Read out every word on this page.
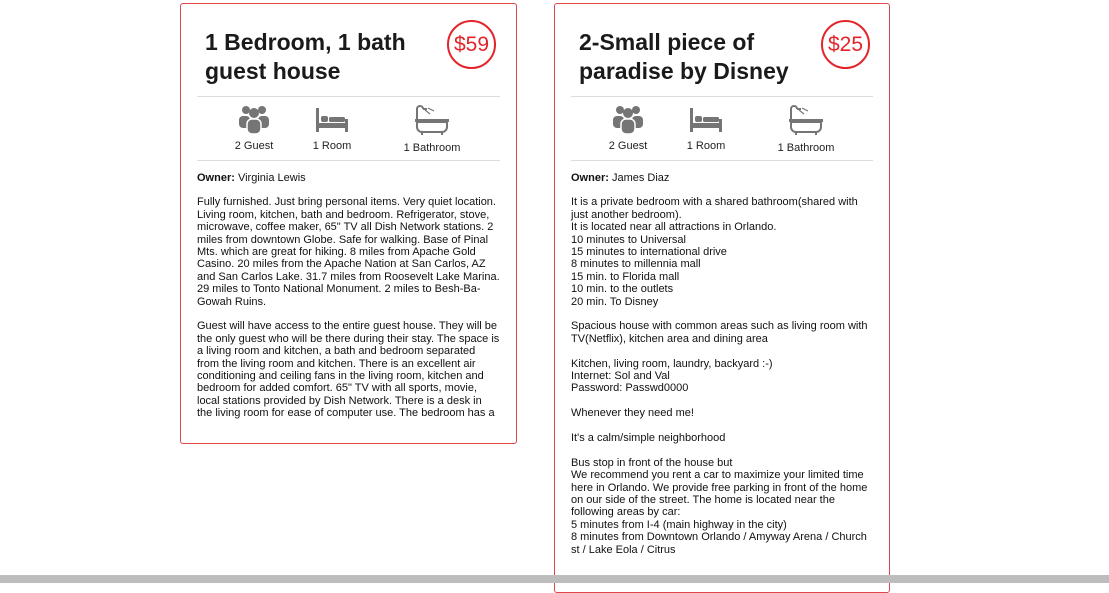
1 Bedroom, 1 bath guest house
$59
2 Guest	1 Room	1 Bathroom

Owner: Virginia Lewis

Fully furnished. Just bring personal items. Very quiet location. Living room, kitchen, bath and bedroom. Refrigerator, stove, microwave, coffee maker, 65" TV all Dish Network stations. 2 miles from downtown Globe. Safe for walking. Base of Pinal Mts. which are great for hiking. 8 miles from Apache Gold Casino. 20 miles from the Apache Nation at San Carlos, AZ and San Carlos Lake. 31.7 miles from Roosevelt Lake Marina. 29 miles to Tonto National Monument. 2 miles to Besh-Ba-Gowah Ruins.

Guest will have access to the entire guest house. They will be the only guest who will be there during their stay. The space is a living room and kitchen, a bath and bedroom separated from the living room and kitchen. There is an excellent air conditioning and ceiling fans in the living room, kitchen and bedroom for added comfort. 65" TV with all sports, movie, local stations provided by Dish Network. There is a desk in the living room for ease of computer use. The bedroom has a

2-Small piece of paradise by Disney
$25
2 Guest	1 Room	1 Bathroom

Owner: James Diaz

It is a private bedroom with a shared bathroom(shared with just another bedroom).
It is located near all attractions in Orlando.
10 minutes to Universal
15 minutes to international drive
8 minutes to millennia mall
15 min. to Florida mall
10 min. to the outlets
20 min. To Disney

Spacious house with common areas such as living room with TV(Netflix), kitchen area and dining area

Kitchen, living room, laundry, backyard :-)
Internet: Sol and Val
Password: Passwd0000

Whenever they need me!

It's a calm/simple neighborhood

Bus stop in front of the house but
We recommend you rent a car to maximize your limited time here in Orlando. We provide free parking in front of the home on our side of the street. The home is located near the following areas by car:
5 minutes from I-4 (main highway in the city)
8 minutes from Downtown Orlando / Amyway Arena / Church st / Lake Eola / Citrus
